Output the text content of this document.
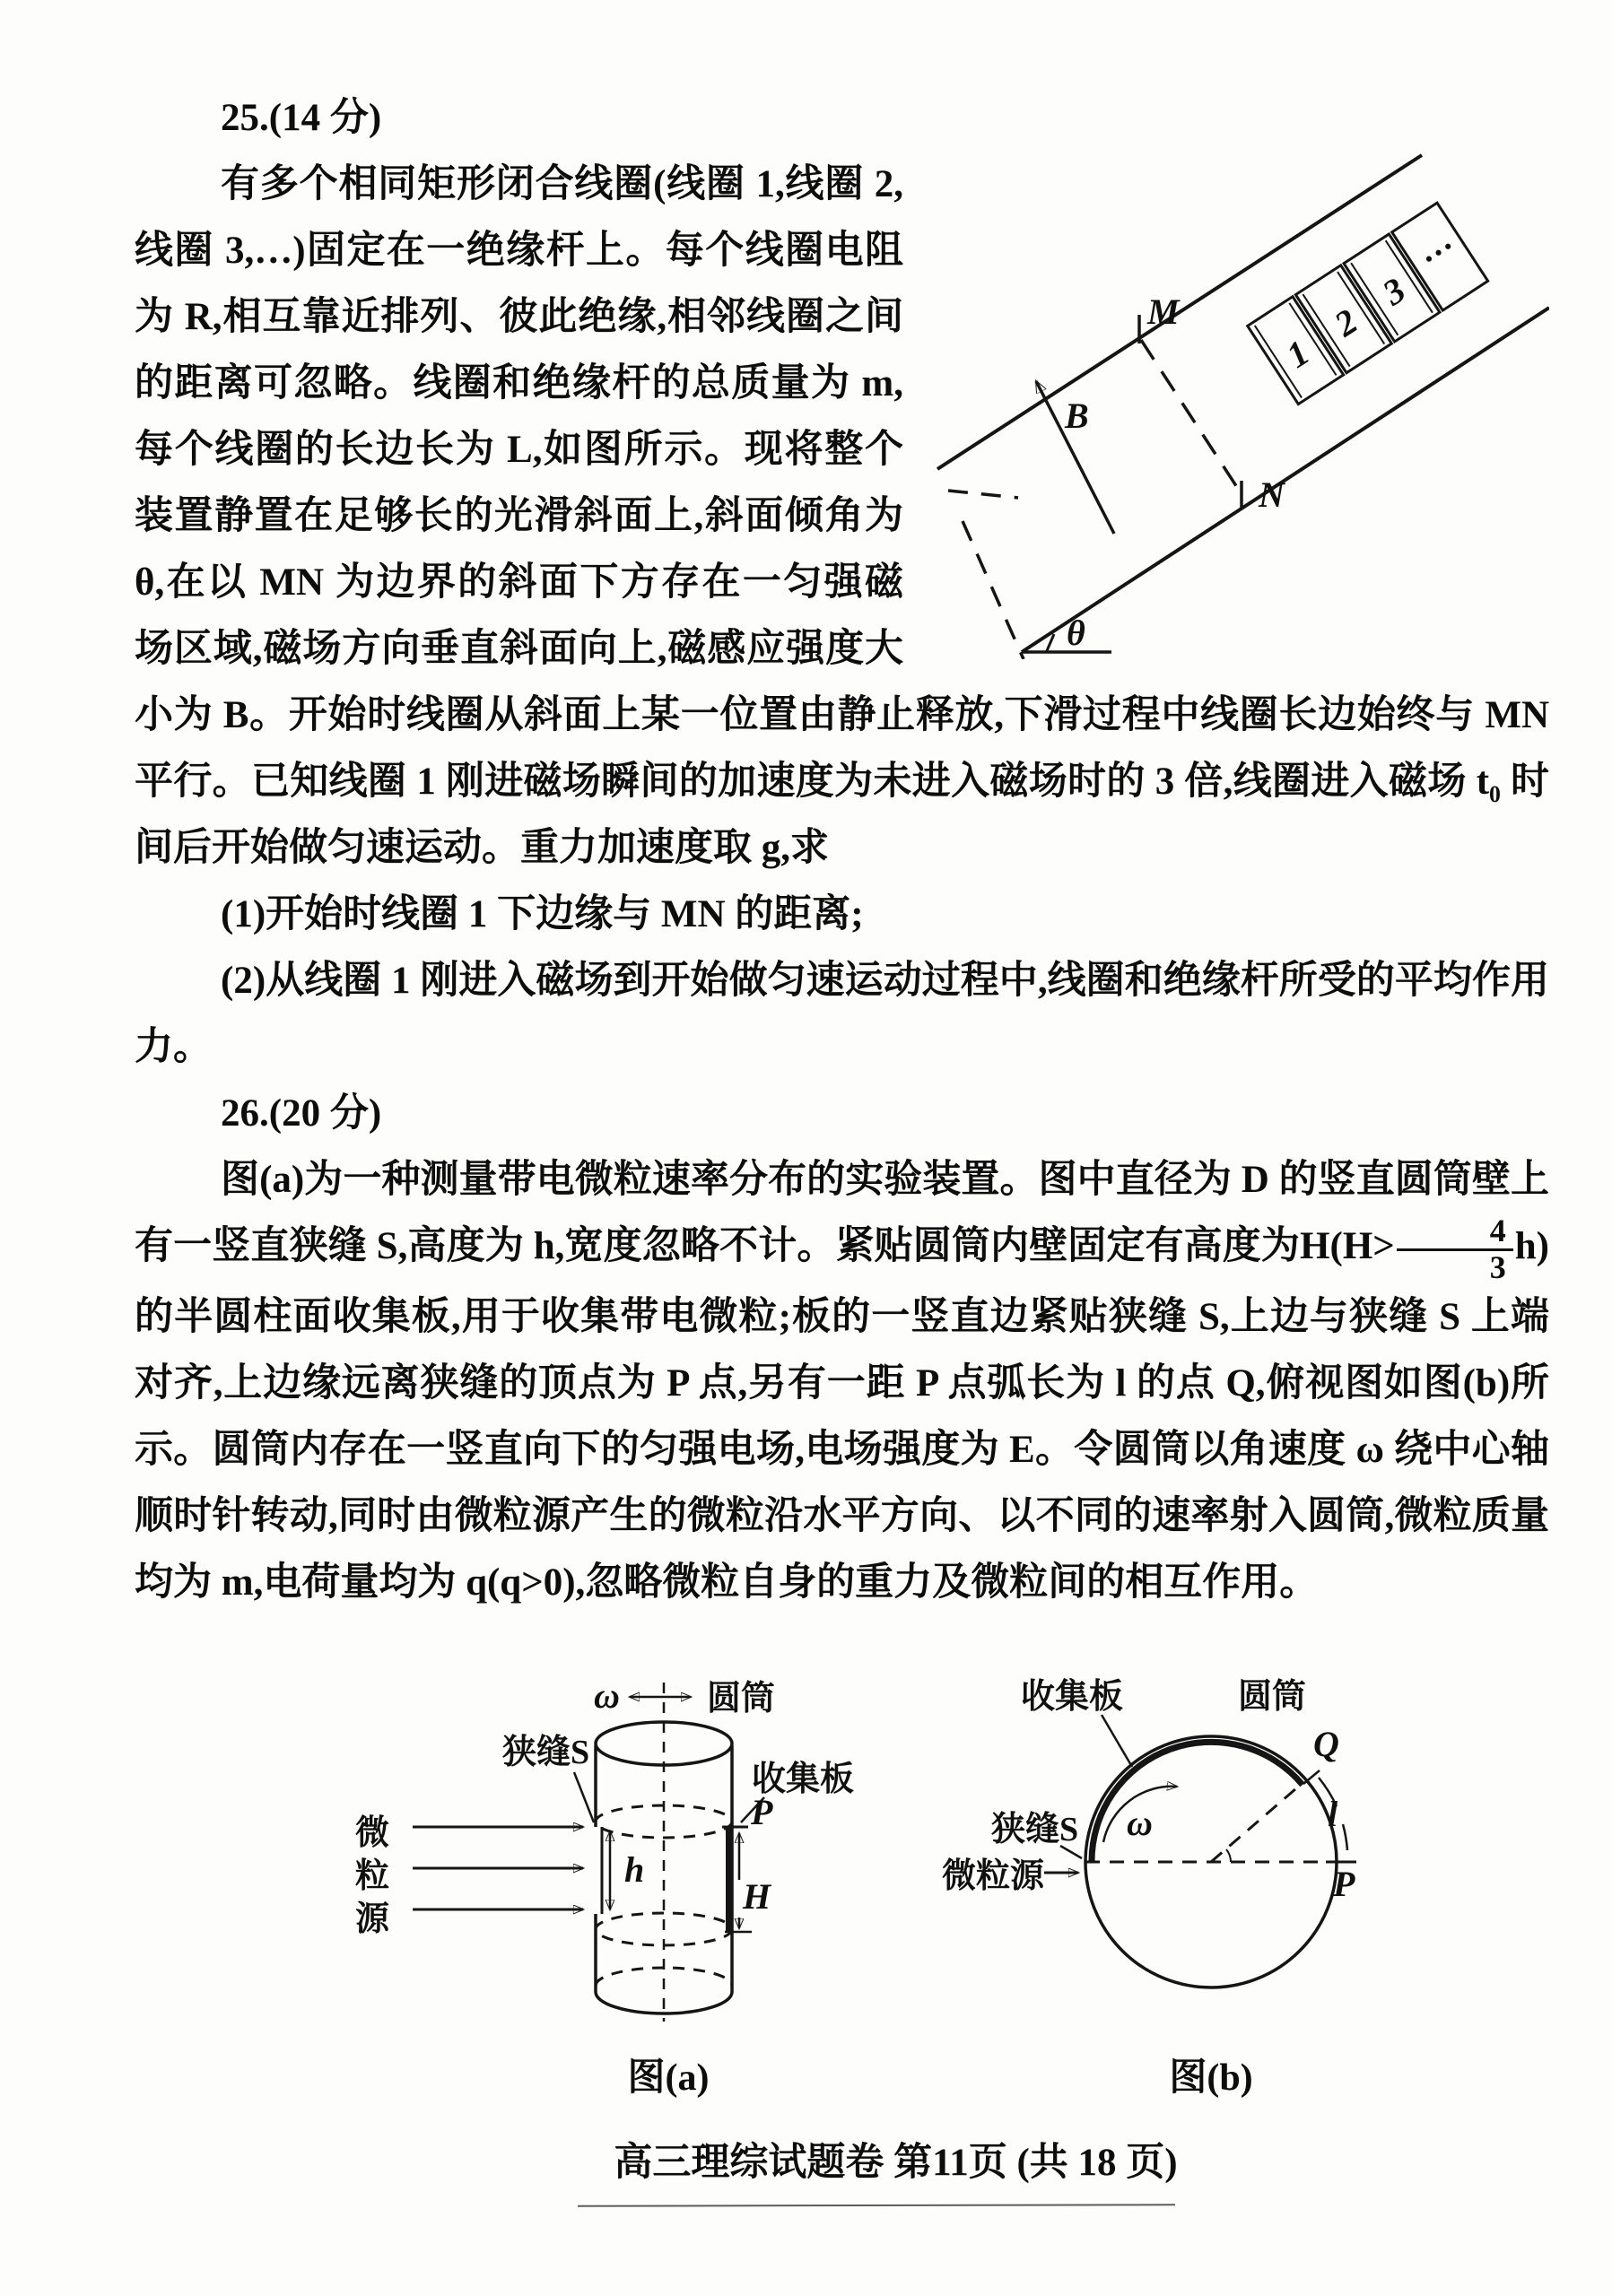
M
N
B
θ
1
2
3
···

25.(14 分)

有多个相同矩形闭合线圈(线圈 1,线圈 2,线圈 3,…)固定在一绝缘杆上。每个线圈电阻为 R,相互靠近排列、彼此绝缘,相邻线圈之间的距离可忽略。线圈和绝缘杆的总质量为 m,每个线圈的长边长为 L,如图所示。现将整个装置静置在足够长的光滑斜面上,斜面倾角为 θ,在以 MN 为边界的斜面下方存在一匀强磁场区域,磁场方向垂直斜面向上,磁感应强度大小为 B。开始时线圈从斜面上某一位置由静止释放,下滑过程中线圈长边始终与 MN 平行。已知线圈 1 刚进磁场瞬间的加速度为未进入磁场时的 3 倍,线圈进入磁场 t₀ 时间后开始做匀速运动。重力加速度取 g,求

(1)开始时线圈 1 下边缘与 MN 的距离;

(2)从线圈 1 刚进入磁场到开始做匀速运动过程中,线圈和绝缘杆所受的平均作用力。

26.(20 分)

图(a)为一种测量带电微粒速率分布的实验装置。图中直径为 D 的竖直圆筒壁上有一竖直狭缝 S,高度为 h,宽度忽略不计。紧贴圆筒内壁固定有高度为$H(H> \frac{4}{3} h)$的半圆柱面收集板,用于收集带电微粒;板的一竖直边紧贴狭缝 S,上边与狭缝 S 上端对齐,上边缘远离狭缝的顶点为 P 点,另有一距 P 点弧长为 l 的点 Q,俯视图如图(b)所示。圆筒内存在一竖直向下的匀强电场,电场强度为 E。令圆筒以角速度 ω 绕中心轴顺时针转动,同时由微粒源产生的微粒沿水平方向、以不同的速率射入圆筒,微粒质量均为 m,电荷量均为 q(q>0),忽略微粒自身的重力及微粒间的相互作用。

ω	圆筒
h
狭缝S
收集板
P
H
微
粒
源
图(a)
收集板	圆筒
Q
ω
狭缝S
微粒源
l
P
图(b)
高三理综试题卷 第11页 (共 18 页)
